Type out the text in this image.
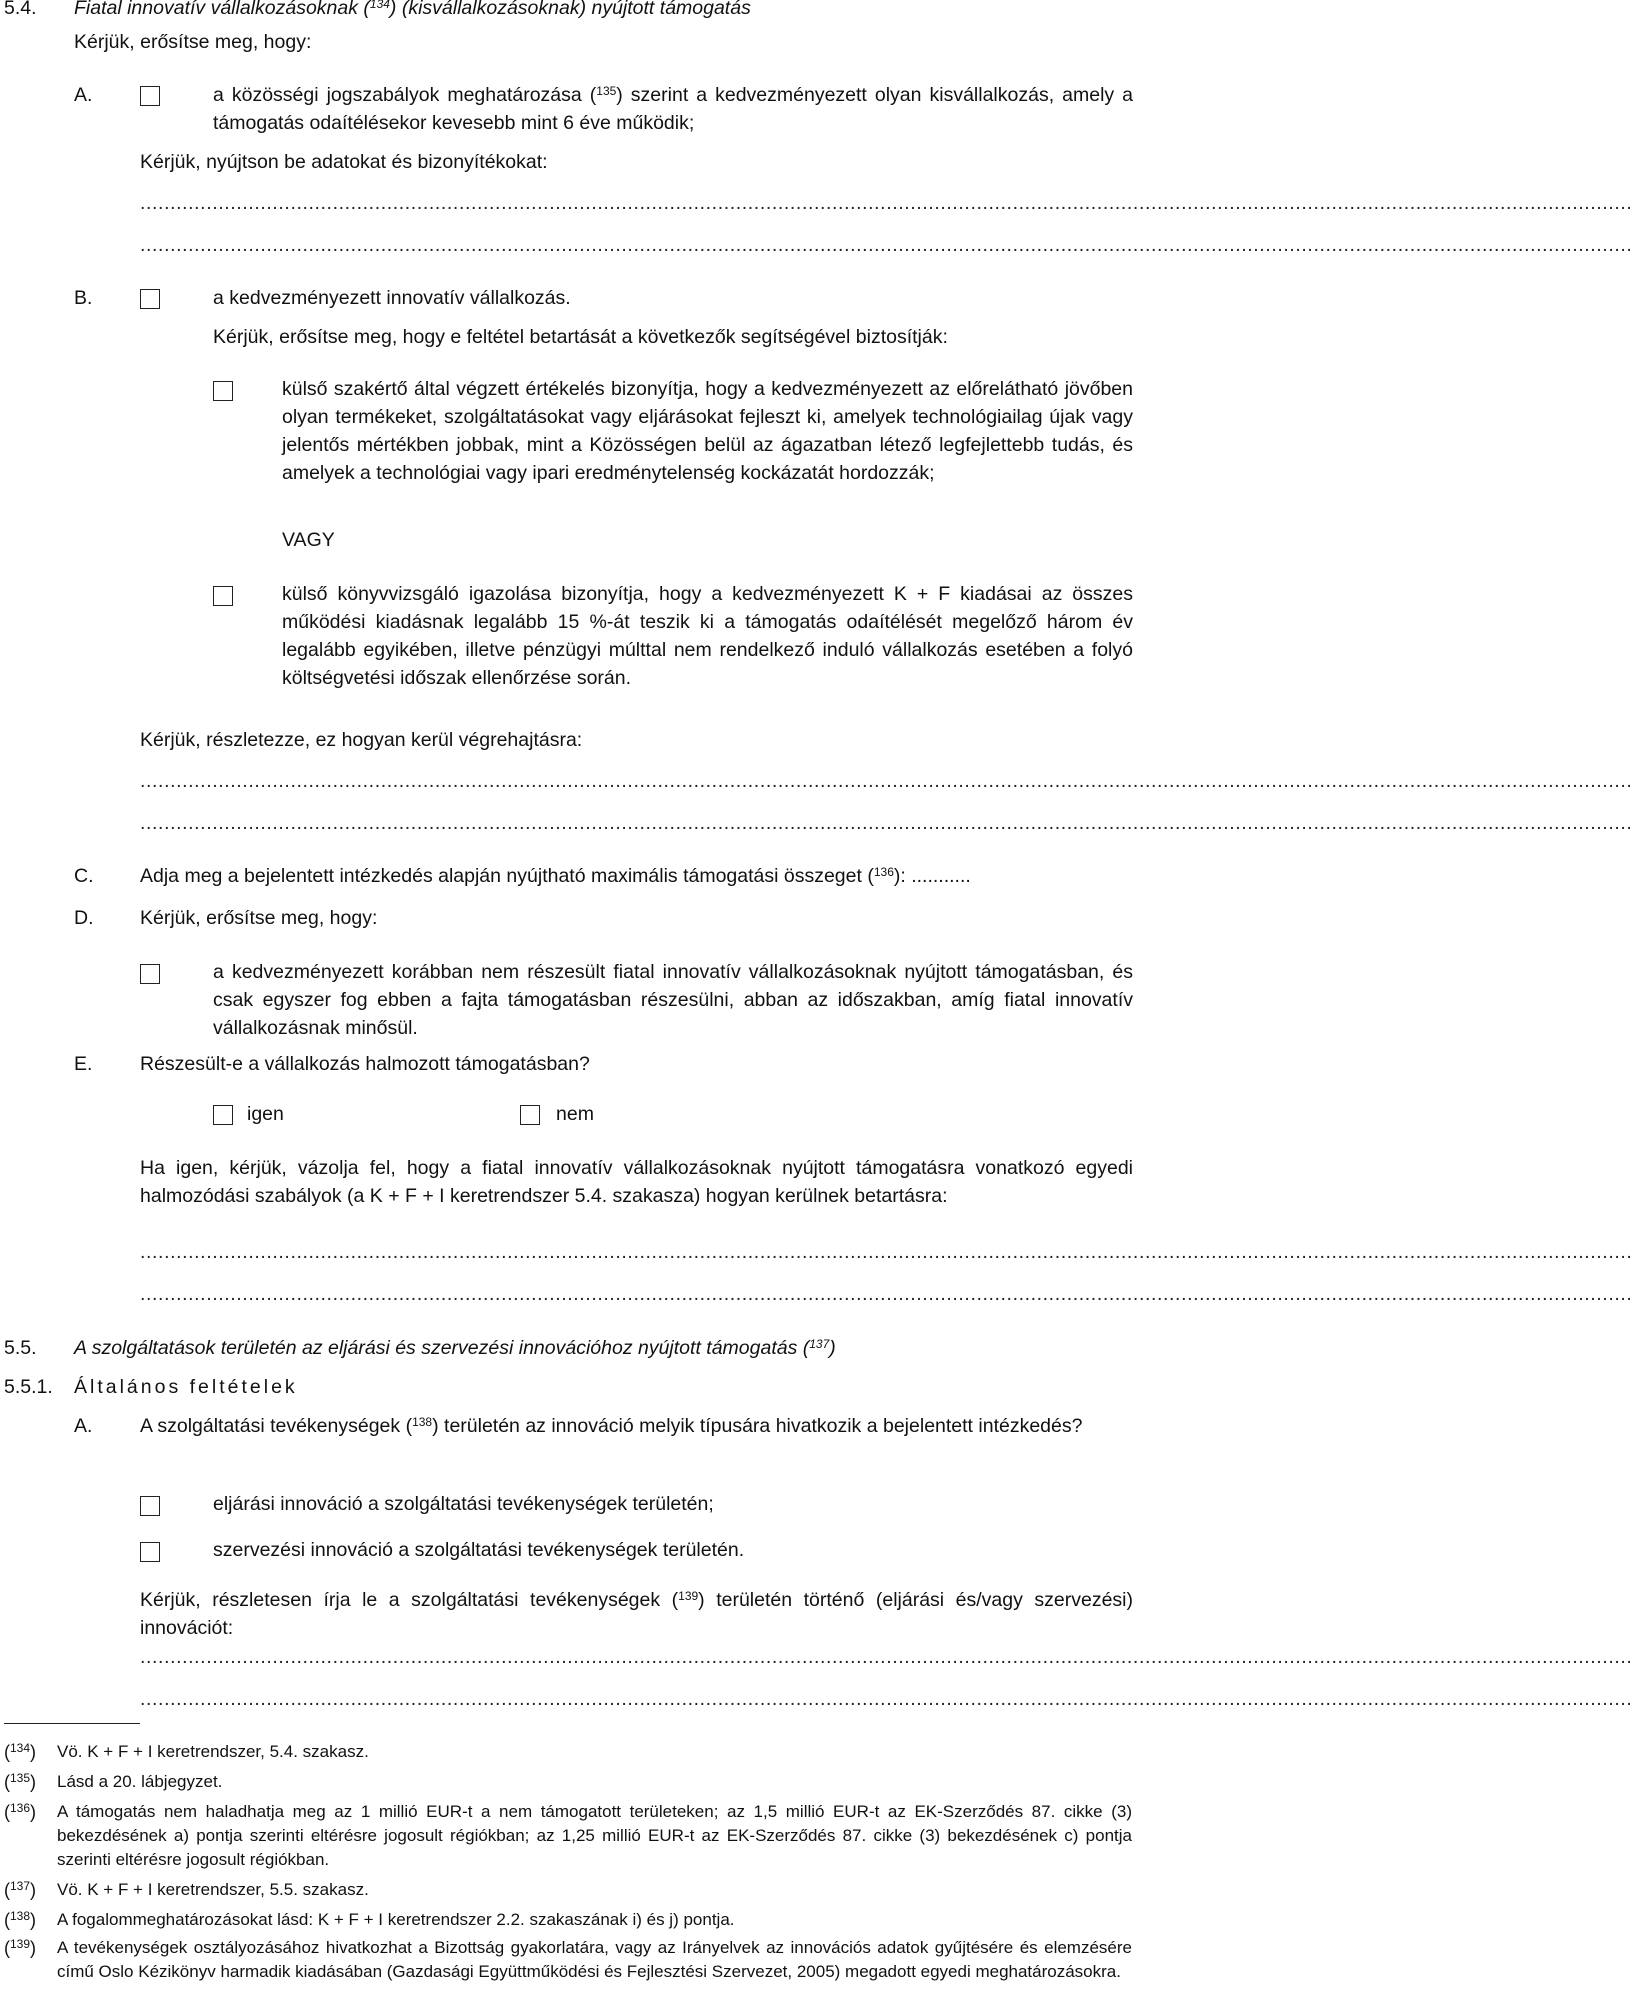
5.4. Fiatal innovatív vállalkozásoknak ($^{134}$) (kisvállalkozásoknak) nyújtott támogatás
Kérjük, erősítse meg, hogy:
A.	a közösségi jogszabályok meghatározása ($^{135}$) szerint a kedvezményezett olyan kisvállalkozás, amely a támogatás odaítélésekor kevesebb mint 6 éve működik;
Kérjük, nyújtson be adatokat és bizonyítékokat:
........................................................................................................................................................................................................................................................
........................................................................................................................................................................................................................................................
B.	a kedvezményezett innovatív vállalkozás.
Kérjük, erősítse meg, hogy e feltétel betartását a következők segítségével biztosítják:
külső szakértő által végzett értékelés bizonyítja, hogy a kedvezményezett az előrelátható jövőben olyan termékeket, szolgáltatásokat vagy eljárásokat fejleszt ki, amelyek technológiailag újak vagy jelentős mértékben jobbak, mint a Közösségen belül az ágazatban létező legfejlettebb tudás, és amelyek a technológiai vagy ipari eredménytelenség kockázatát hordozzák;
VAGY
külső könyvvizsgáló igazolása bizonyítja, hogy a kedvezményezett K + F kiadásai az összes működési kiadásnak legalább 15 %-át teszik ki a támogatás odaítélését megelőző három év legalább egyikében, illetve pénzügyi múlttal nem rendelkező induló vállalkozás esetében a folyó költségvetési időszak ellenőrzése során.
Kérjük, részletezze, ez hogyan kerül végrehajtásra:
........................................................................................................................................................................................................................................................
........................................................................................................................................................................................................................................................
C. Adja meg a bejelentett intézkedés alapján nyújtható maximális támogatási összeget ($^{136}$): ...........
D. Kérjük, erősítse meg, hogy:
a kedvezményezett korábban nem részesült fiatal innovatív vállalkozásoknak nyújtott támogatásban, és csak egyszer fog ebben a fajta támogatásban részesülni, abban az időszakban, amíg fiatal innovatív vállalkozásnak minősül.
E. Részesült-e a vállalkozás halmozott támogatásban?
igen	nem
Ha igen, kérjük, vázolja fel, hogy a fiatal innovatív vállalkozásoknak nyújtott támogatásra vonatkozó egyedi halmozódási szabályok (a K + F + I keretrendszer 5.4. szakasza) hogyan kerülnek betartásra:
........................................................................................................................................................................................................................................................
........................................................................................................................................................................................................................................................
5.5. A szolgáltatások területén az eljárási és szervezési innovációhoz nyújtott támogatás ($^{137}$)
5.5.1. Általános feltételek
A. A szolgáltatási tevékenységek ($^{138}$) területén az innováció melyik típusára hivatkozik a bejelentett intézkedés?
eljárási innováció a szolgáltatási tevékenységek területén;
szervezési innováció a szolgáltatási tevékenységek területén.
Kérjük, részletesen írja le a szolgáltatási tevékenységek ($^{139}$) területén történő (eljárási és/vagy szervezési) innovációt:
........................................................................................................................................................................................................................................................
........................................................................................................................................................................................................................................................
($^{134}$) Vö. K + F + I keretrendszer, 5.4. szakasz.
($^{135}$) Lásd a 20. lábjegyzet.
($^{136}$) A támogatás nem haladhatja meg az 1 millió EUR-t a nem támogatott területeken; az 1,5 millió EUR-t az EK-Szerződés 87. cikke (3) bekezdésének a) pontja szerinti eltérésre jogosult régiókban; az 1,25 millió EUR-t az EK-Szerződés 87. cikke (3) bekezdésének c) pontja szerinti eltérésre jogosult régiókban.
($^{137}$) Vö. K + F + I keretrendszer, 5.5. szakasz.
($^{138}$) A fogalommeghatározásokat lásd: K + F + I keretrendszer 2.2. szakaszának i) és j) pontja.
($^{139}$) A tevékenységek osztályozásához hivatkozhat a Bizottság gyakorlatára, vagy az Irányelvek az innovációs adatok gyűjtésére és elemzésére című Oslo Kézikönyv harmadik kiadásában (Gazdasági Együttműködési és Fejlesztési Szervezet, 2005) megadott egyedi meghatározásokra.
